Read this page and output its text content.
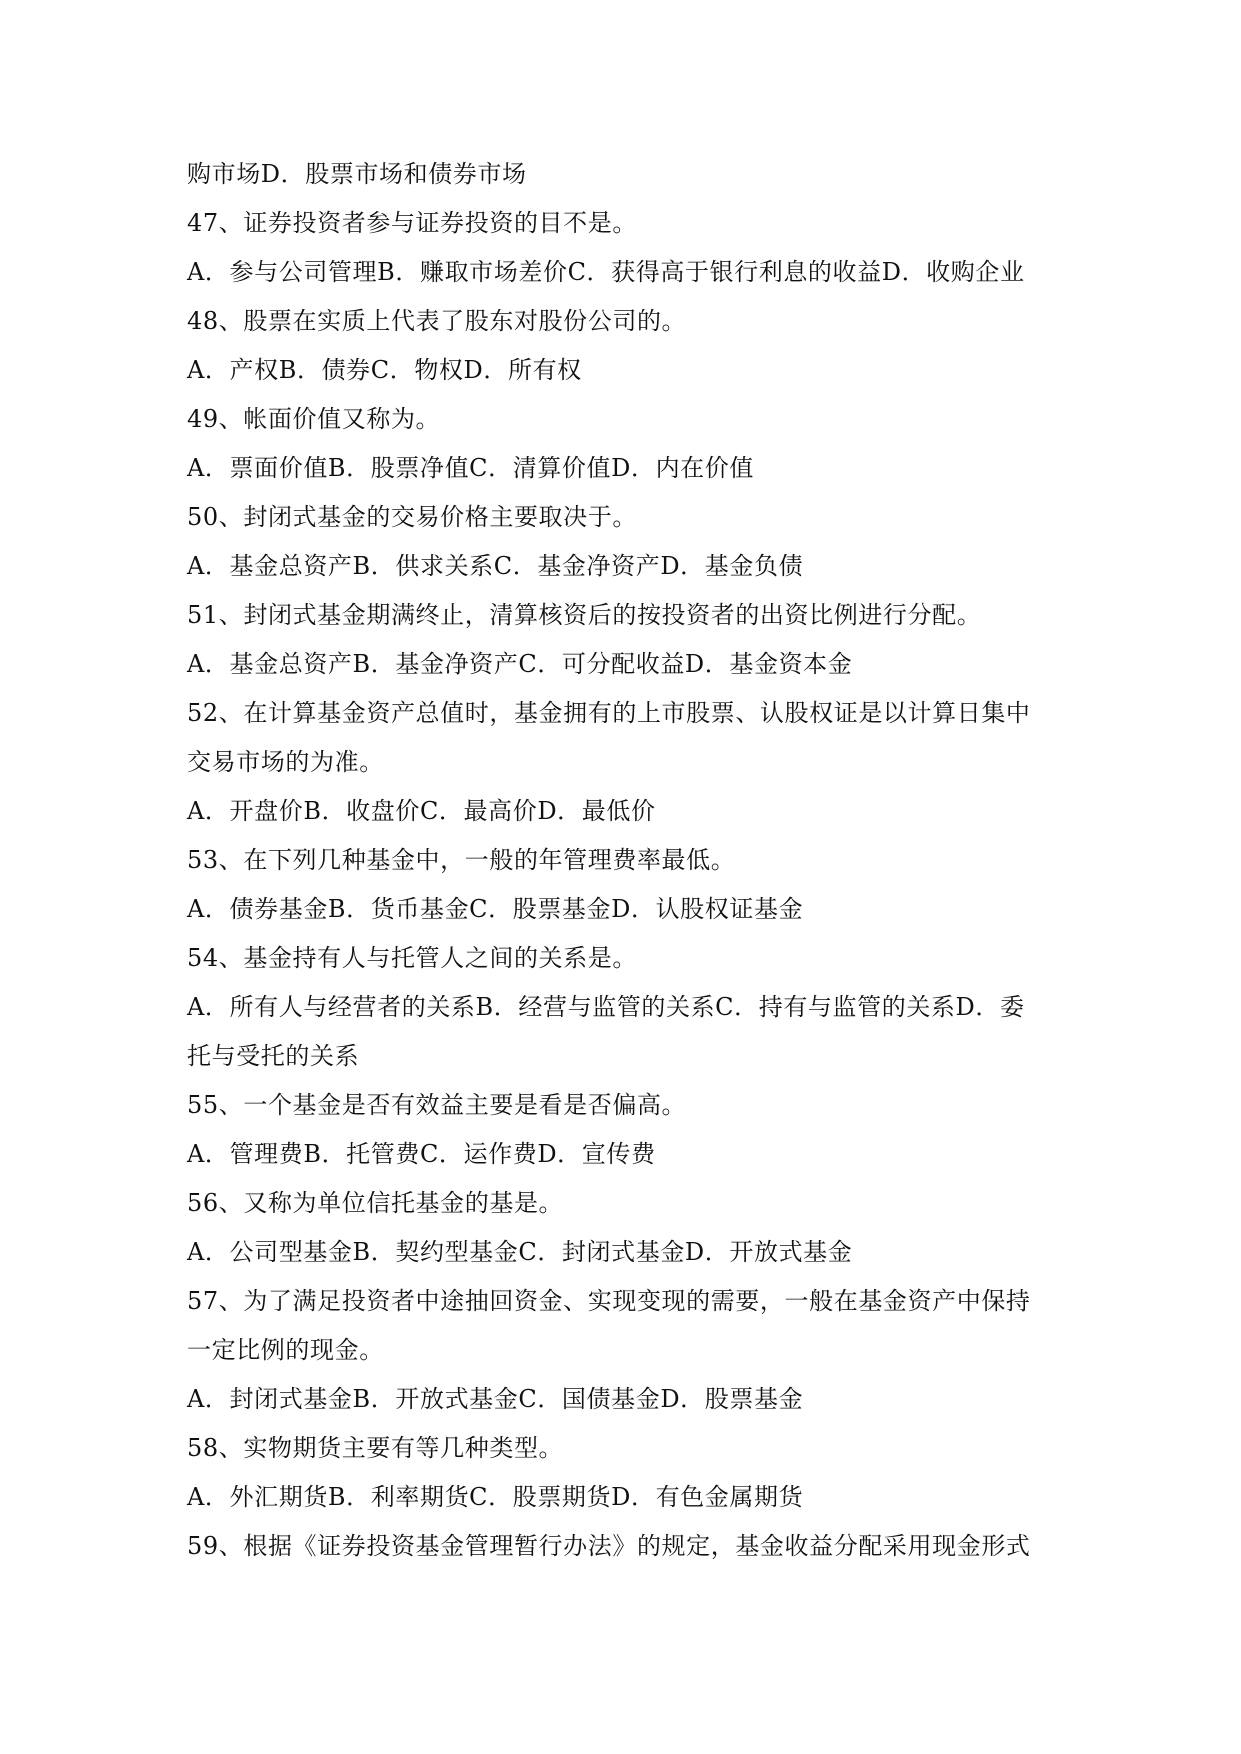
购市场D．股票市场和债券市场
47、证券投资者参与证券投资的目不是。
A．参与公司管理B．赚取市场差价C．获得高于银行利息的收益D．收购企业
48、股票在实质上代表了股东对股份公司的。
A．产权B．债券C．物权D．所有权
49、帐面价值又称为。
A．票面价值B．股票净值C．清算价值D．内在价值
50、封闭式基金的交易价格主要取决于。
A．基金总资产B．供求关系C．基金净资产D．基金负债
51、封闭式基金期满终止，清算核资后的按投资者的出资比例进行分配。
A．基金总资产B．基金净资产C．可分配收益D．基金资本金
52、在计算基金资产总值时，基金拥有的上市股票、认股权证是以计算日集中
交易市场的为准。
A．开盘价B．收盘价C．最高价D．最低价
53、在下列几种基金中，一般的年管理费率最低。
A．债券基金B．货币基金C．股票基金D．认股权证基金
54、基金持有人与托管人之间的关系是。
A．所有人与经营者的关系B．经营与监管的关系C．持有与监管的关系D．委
托与受托的关系
55、一个基金是否有效益主要是看是否偏高。
A．管理费B．托管费C．运作费D．宣传费
56、又称为单位信托基金的基是。
A．公司型基金B．契约型基金C．封闭式基金D．开放式基金
57、为了满足投资者中途抽回资金、实现变现的需要，一般在基金资产中保持
一定比例的现金。
A．封闭式基金B．开放式基金C．国债基金D．股票基金
58、实物期货主要有等几种类型。
A．外汇期货B．利率期货C．股票期货D．有色金属期货
59、根据《证券投资基金管理暂行办法》的规定，基金收益分配采用现金形式
